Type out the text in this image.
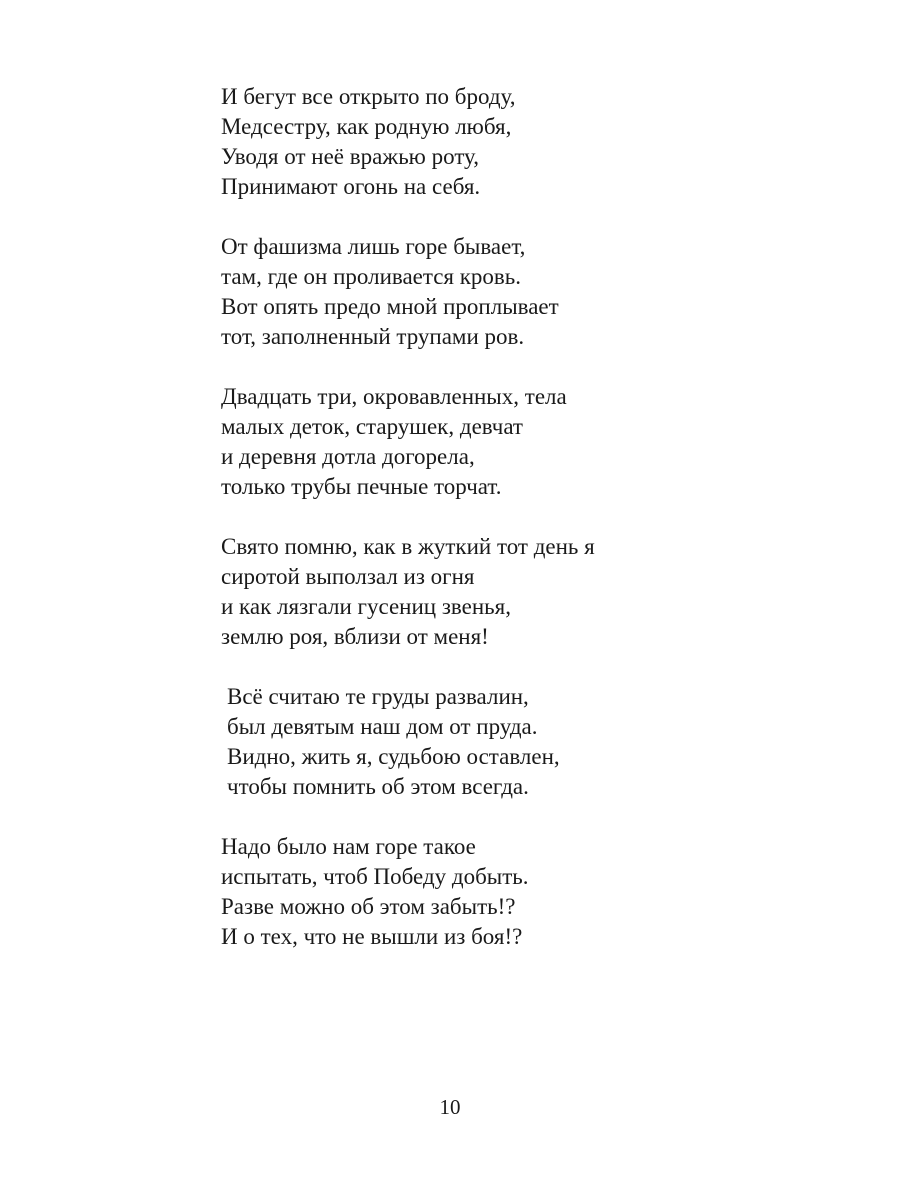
И бегут все открыто по броду,
Медсестру, как родную любя,
Уводя от неё вражью роту,
Принимают огонь на себя.
От фашизма лишь горе бывает,
там, где он проливается кровь.
Вот опять предо мной проплывает
тот, заполненный трупами ров.
Двадцать три, окровавленных, тела
малых деток, старушек, девчат
и деревня дотла догорела,
только трубы печные торчат.
Свято помню, как в жуткий тот день я
сиротой выползал из огня
и как лязгали гусениц звенья,
землю роя, вблизи от меня!
Всё считаю те груды развалин,
был девятым наш дом от пруда.
Видно, жить я, судьбою оставлен,
чтобы помнить об этом всегда.
Надо было нам горе такое
испытать, чтоб Победу добыть.
Разве можно об этом забыть!?
И о тех, что не вышли из боя!?
10
